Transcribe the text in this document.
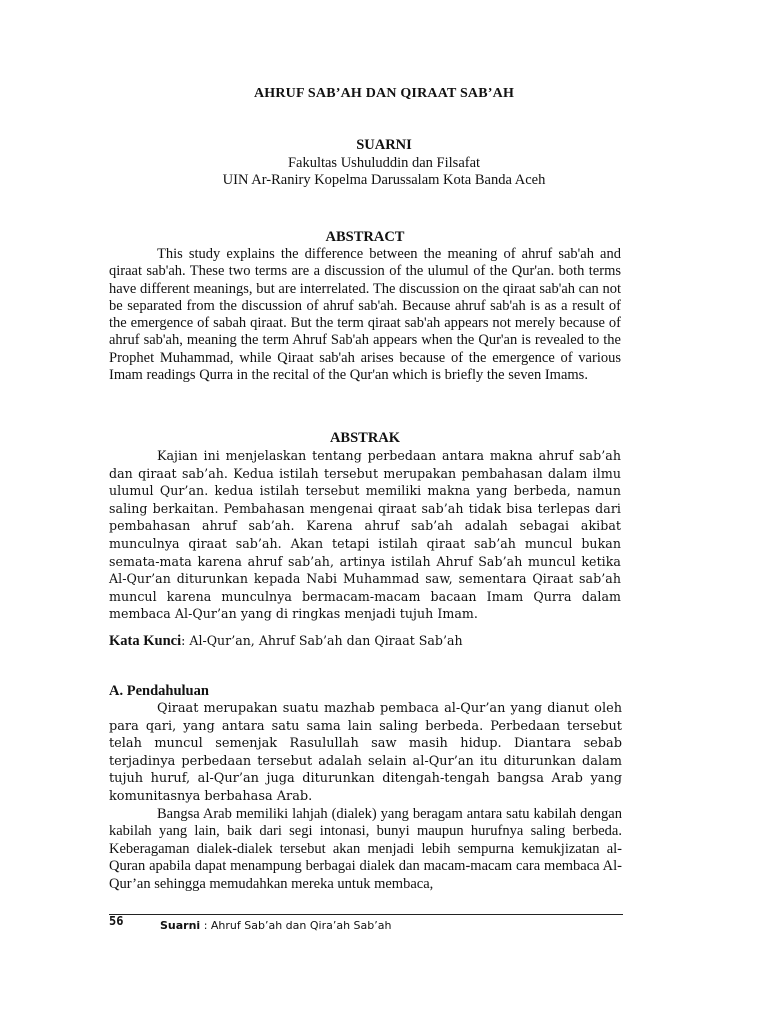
AHRUF SAB’AH DAN QIRAAT SAB’AH
SUARNI
Fakultas Ushuluddin dan Filsafat
UIN Ar-Raniry Kopelma Darussalam Kota Banda Aceh
ABSTRACT

This study explains the difference between the meaning of ahruf sab'ah and qiraat sab'ah. These two terms are a discussion of the ulumul of the Qur'an. both terms have different meanings, but are interrelated. The discussion on the qiraat sab'ah can not be separated from the discussion of ahruf sab'ah. Because ahruf sab'ah is as a result of the emergence of sabah qiraat. But the term qiraat sab'ah appears not merely because of ahruf sab'ah, meaning the term Ahruf Sab'ah appears when the Qur'an is revealed to the Prophet Muhammad, while Qiraat sab'ah arises because of the emergence of various Imam readings Qurra in the recital of the Qur'an which is briefly the seven Imams.

ABSTRAK

Kajian ini menjelaskan tentang perbedaan antara makna ahruf sab’ah dan qiraat sab’ah. Kedua istilah tersebut merupakan pembahasan dalam ilmu ulumul Qur’an. kedua istilah tersebut memiliki makna yang berbeda, namun saling berkaitan. Pembahasan mengenai qiraat sab’ah tidak bisa terlepas dari pembahasan ahruf sab’ah. Karena ahruf sab’ah adalah sebagai akibat munculnya qiraat sab’ah. Akan tetapi istilah qiraat sab’ah muncul bukan semata-mata karena ahruf sab’ah, artinya istilah Ahruf Sab’ah muncul ketika Al-Qur’an diturunkan kepada Nabi Muhammad saw, sementara Qiraat sab’ah muncul karena munculnya bermacam-macam bacaan Imam Qurra dalam membaca Al-Qur’an yang di ringkas menjadi tujuh Imam.

Kata Kunci: Al-Qur’an, Ahruf Sab’ah dan Qiraat Sab’ah
A. Pendahuluan

Qiraat merupakan suatu mazhab pembaca al-Qur’an yang dianut oleh para qari, yang antara satu sama lain saling berbeda. Perbedaan tersebut telah muncul semenjak Rasulullah saw masih hidup. Diantara sebab terjadinya perbedaan tersebut adalah selain al-Qur’an itu diturunkan dalam tujuh huruf, al-Qur’an juga diturunkan ditengah-tengah bangsa Arab yang komunitasnya berbahasa Arab.

Bangsa Arab memiliki lahjah (dialek) yang beragam antara satu kabilah dengan kabilah yang lain, baik dari segi intonasi, bunyi maupun hurufnya saling berbeda. Keberagaman dialek-dialek tersebut akan menjadi lebih sempurna kemukjizatan al-Quran apabila dapat menampung berbagai dialek dan macam-macam cara membaca Al-Qur’an sehingga memudahkan mereka untuk membaca,

56	Suarni : Ahruf Sab’ah dan Qira’ah Sab’ah
